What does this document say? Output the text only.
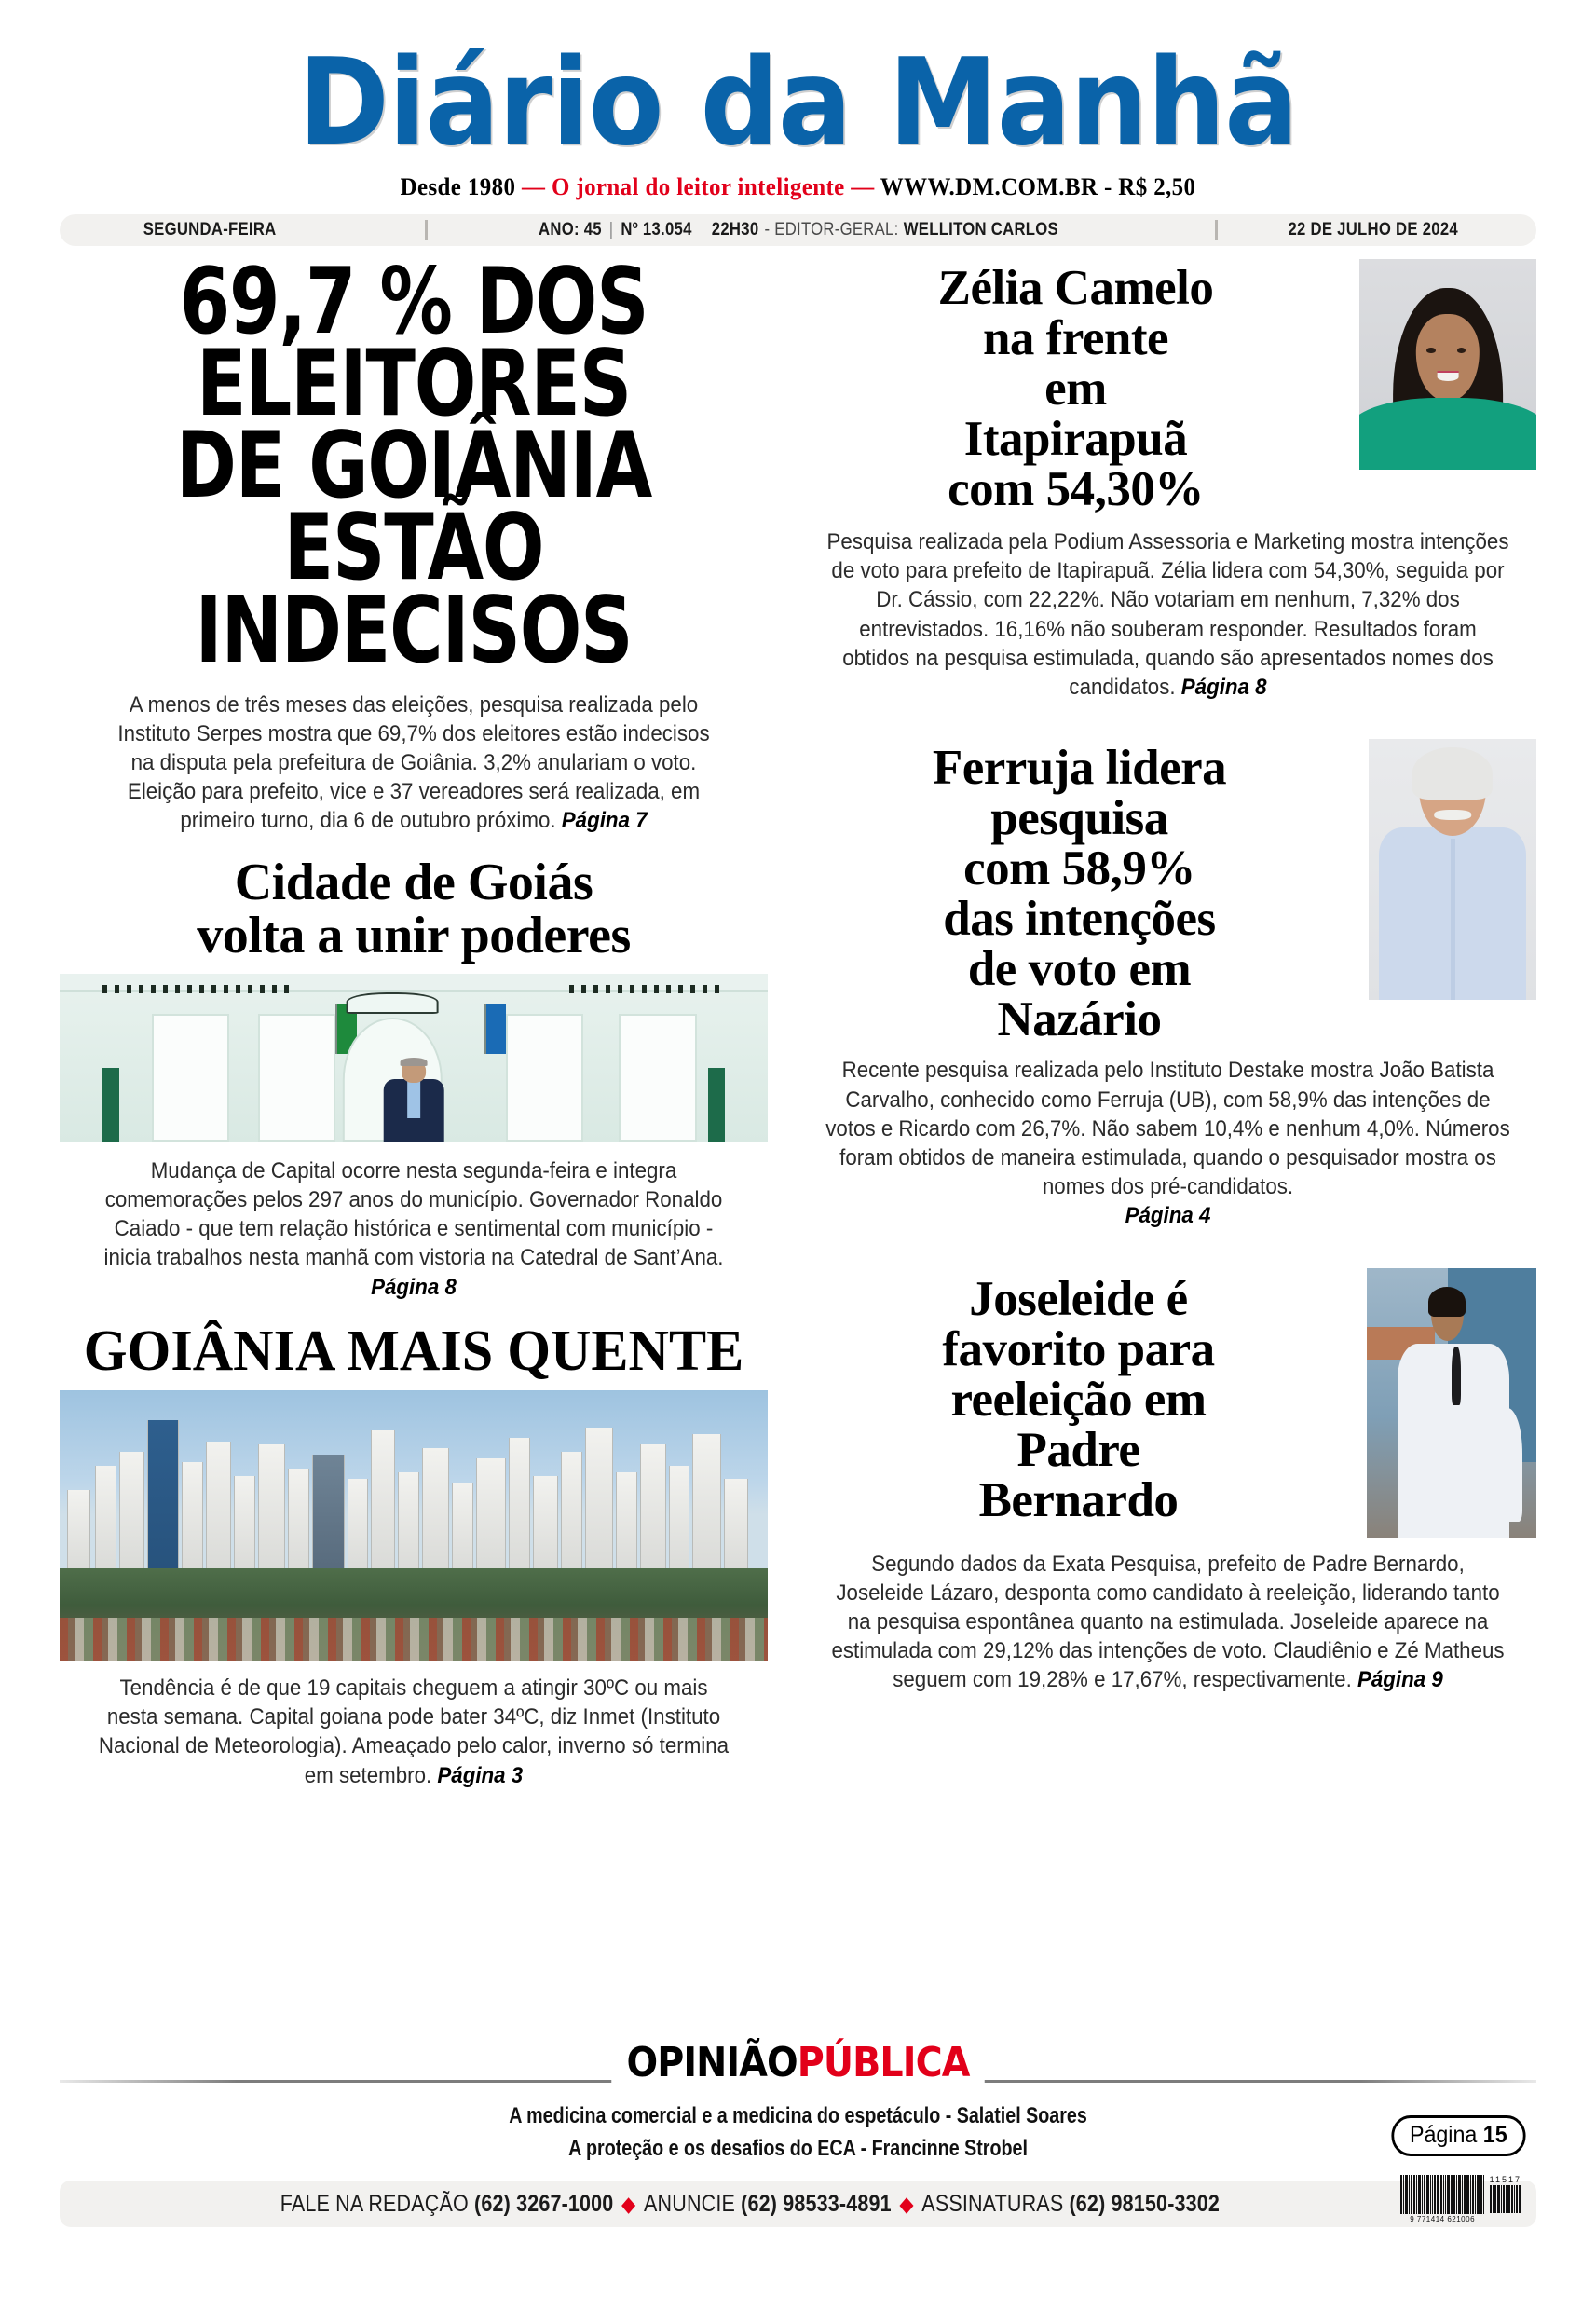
Diário da Manhã
Desde 1980 — O jornal do leitor inteligente — WWW.DM.COM.BR - R$ 2,50
SEGUNDA-FEIRA	ANO: 45 | Nº 13.054 22H30 - EDITOR-GERAL: WELLITON CARLOS	22 DE JULHO DE 2024
69,7 % DOS
ELEITORES
DE GOIÂNIA
ESTÃO
INDECISOS

A menos de três meses das eleições, pesquisa realizada pelo Instituto Serpes mostra que 69,7% dos eleitores estão indecisos na disputa pela prefeitura de Goiânia. 3,2% anulariam o voto. Eleição para prefeito, vice e 37 vereadores será realizada, em primeiro turno, dia 6 de outubro próximo. Página 7

Cidade de Goiás
volta a unir poderes

Mudança de Capital ocorre nesta segunda-feira e integra comemorações pelos 297 anos do município. Governador Ronaldo Caiado - que tem relação histórica e sentimental com município - inicia trabalhos nesta manhã com vistoria na Catedral de Sant’Ana. Página 8

GOIÂNIA MAIS QUENTE

Tendência é de que 19 capitais cheguem a atingir 30ºC ou mais nesta semana. Capital goiana pode bater 34ºC, diz Inmet (Instituto Nacional de Meteorologia). Ameaçado pelo calor, inverno só termina em setembro. Página 3

Zélia Camelo
na frente
em
Itapirapuã
com 54,30%

Pesquisa realizada pela Podium Assessoria e Marketing mostra intenções de voto para prefeito de Itapirapuã. Zélia lidera com 54,30%, seguida por Dr. Cássio, com 22,22%. Não votariam em nenhum, 7,32% dos entrevistados. 16,16% não souberam responder. Resultados foram obtidos na pesquisa estimulada, quando são apresentados nomes dos candidatos. Página 8

Ferruja lidera
pesquisa
com 58,9%
das intenções
de voto em
Nazário

Recente pesquisa realizada pelo Instituto Destake mostra João Batista Carvalho, conhecido como Ferruja (UB), com 58,9% das intenções de votos e Ricardo com 26,7%. Não sabem 10,4% e nenhum 4,0%. Números foram obtidos de maneira estimulada, quando o pesquisador mostra os nomes dos pré-candidatos.
Página 4

Joseleide é
favorito para
reeleição em
Padre
Bernardo

Segundo dados da Exata Pesquisa, prefeito de Padre Bernardo, Joseleide Lázaro, desponta como candidato à reeleição, liderando tanto na pesquisa espontânea quanto na estimulada. Joseleide aparece na estimulada com 29,12% das intenções de voto. Claudiênio e Zé Matheus seguem com 19,28% e 17,67%, respectivamente. Página 9

OPINIÃOPÚBLICA
A medicina comercial e a medicina do espetáculo - Salatiel Soares
A proteção e os desafios do ECA - Francinne Strobel
Página 15
FALE NA REDAÇÃO (62) 3267-1000 ◆ ANUNCIE (62) 98533-4891 ◆ ASSINATURAS (62) 98150-3302
9 771414 621006
11517
